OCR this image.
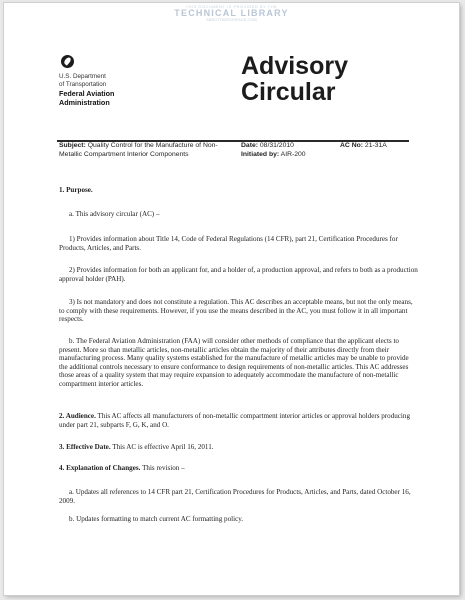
THIS DOCUMENT IS PROVIDED BY THE
TECHNICAL LIBRARY
ABBOTTAEROSPACE.COM
U.S. Department
of Transportation
Federal Aviation
Administration
Advisory
Circular
Subject: Quality Control for the Manufacture of Non-Metallic Compartment Interior Components
Date: 08/31/2010
Initiated by: AIR-200
AC No: 21-31A

1. Purpose.

a. This advisory circular (AC) –

1) Provides information about Title 14, Code of Federal Regulations (14 CFR), part 21, Certification Procedures for Products, Articles, and Parts.

2) Provides information for both an applicant for, and a holder of, a production approval, and refers to both as a production approval holder (PAH).

3) Is not mandatory and does not constitute a regulation. This AC describes an acceptable means, but not the only means, to comply with these requirements. However, if you use the means described in the AC, you must follow it in all important respects.

b. The Federal Aviation Administration (FAA) will consider other methods of compliance that the applicant elects to present. More so than metallic articles, non-metallic articles obtain the majority of their attributes directly from their manufacturing process. Many quality systems established for the manufacture of metallic articles may be unable to provide the additional controls necessary to ensure conformance to design requirements of non-metallic articles. This AC addresses those areas of a quality system that may require expansion to adequately accommodate the manufacture of non-metallic compartment interior articles.

2. Audience. This AC affects all manufacturers of non-metallic compartment interior articles or approval holders producing under part 21, subparts F, G, K, and O.

3. Effective Date. This AC is effective April 16, 2011.

4. Explanation of Changes. This revision –

a. Updates all references to 14 CFR part 21, Certification Procedures for Products, Articles, and Parts, dated October 16, 2009.

b. Updates formatting to match current AC formatting policy.
